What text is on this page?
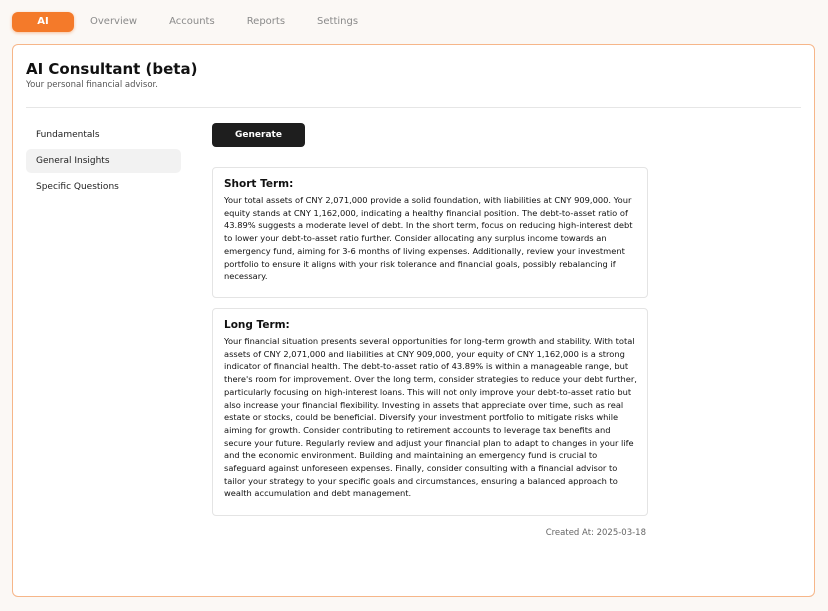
AI	Overview	Accounts	Reports	Settings
AI Consultant (beta)
Your personal financial advisor.
Fundamentals
General Insights
Specific Questions
Generate
Short Term:
Your total assets of CNY 2,071,000 provide a solid foundation, with liabilities at CNY 909,000. Your equity stands at CNY 1,162,000, indicating a healthy financial position. The debt-to-asset ratio of 43.89% suggests a moderate level of debt. In the short term, focus on reducing high-interest debt to lower your debt-to-asset ratio further. Consider allocating any surplus income towards an emergency fund, aiming for 3-6 months of living expenses. Additionally, review your investment portfolio to ensure it aligns with your risk tolerance and financial goals, possibly rebalancing if necessary.
Long Term:
Your financial situation presents several opportunities for long-term growth and stability. With total assets of CNY 2,071,000 and liabilities at CNY 909,000, your equity of CNY 1,162,000 is a strong indicator of financial health. The debt-to-asset ratio of 43.89% is within a manageable range, but there's room for improvement. Over the long term, consider strategies to reduce your debt further, particularly focusing on high-interest loans. This will not only improve your debt-to-asset ratio but also increase your financial flexibility. Investing in assets that appreciate over time, such as real estate or stocks, could be beneficial. Diversify your investment portfolio to mitigate risks while aiming for growth. Consider contributing to retirement accounts to leverage tax benefits and secure your future. Regularly review and adjust your financial plan to adapt to changes in your life and the economic environment. Building and maintaining an emergency fund is crucial to safeguard against unforeseen expenses. Finally, consider consulting with a financial advisor to tailor your strategy to your specific goals and circumstances, ensuring a balanced approach to wealth accumulation and debt management.
Created At: 2025-03-18
